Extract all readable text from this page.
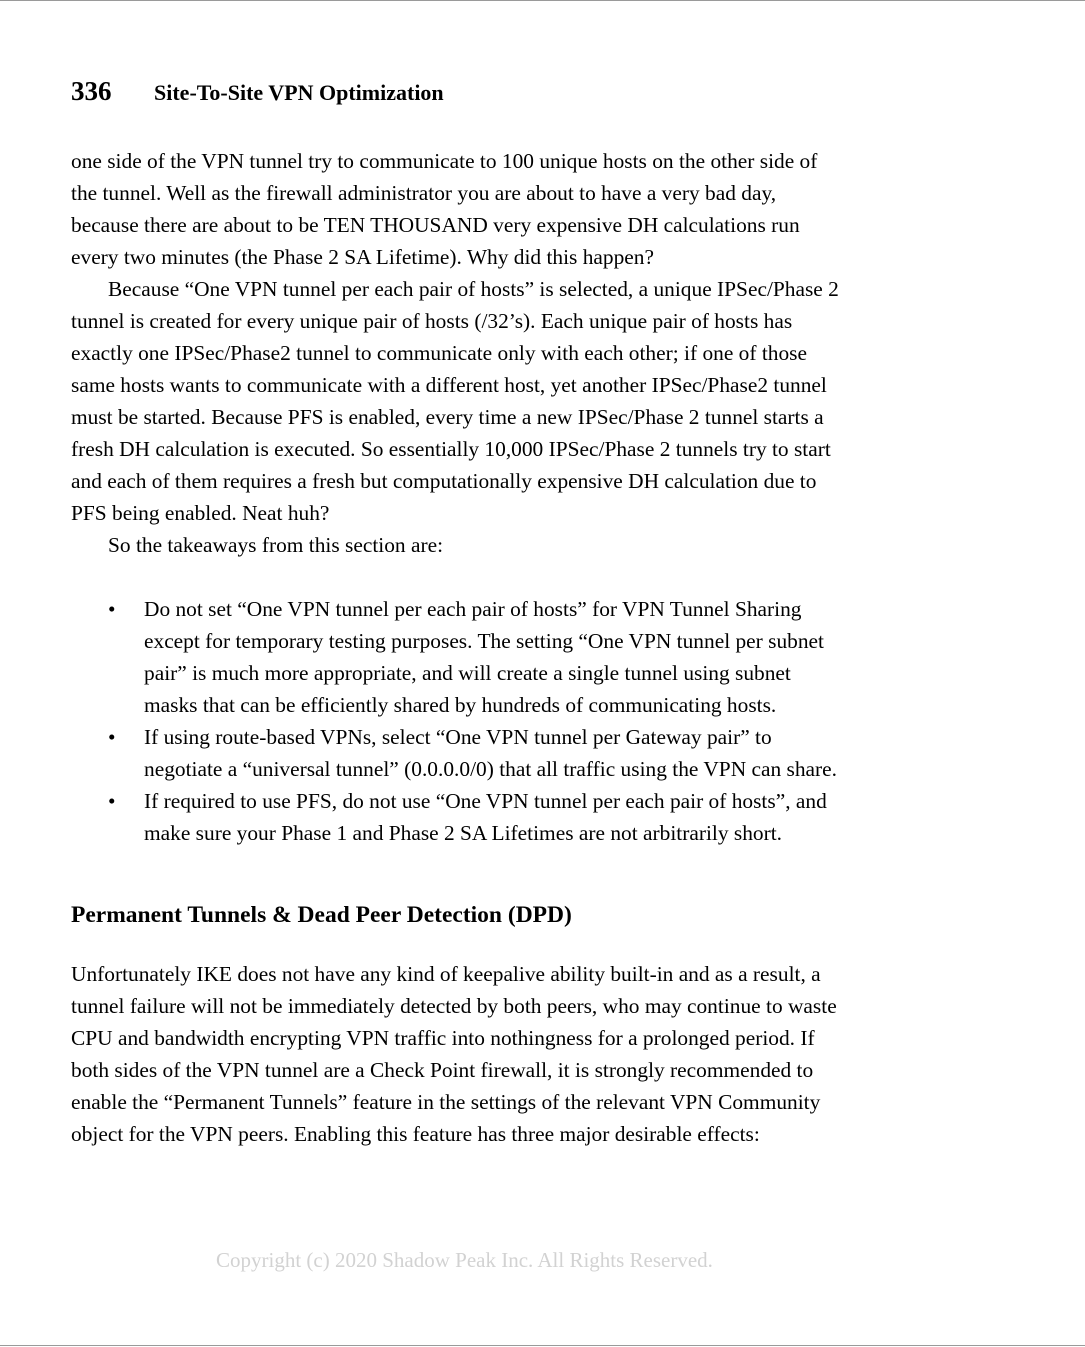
336 Site-To-Site VPN Optimization
one side of the VPN tunnel try to communicate to 100 unique hosts on the other side of
the tunnel. Well as the firewall administrator you are about to have a very bad day,
because there are about to be TEN THOUSAND very expensive DH calculations run
every two minutes (the Phase 2 SA Lifetime). Why did this happen?
Because “One VPN tunnel per each pair of hosts” is selected, a unique IPSec/Phase 2
tunnel is created for every unique pair of hosts (/32’s). Each unique pair of hosts has
exactly one IPSec/Phase2 tunnel to communicate only with each other; if one of those
same hosts wants to communicate with a different host, yet another IPSec/Phase2 tunnel
must be started. Because PFS is enabled, every time a new IPSec/Phase 2 tunnel starts a
fresh DH calculation is executed. So essentially 10,000 IPSec/Phase 2 tunnels try to start
and each of them requires a fresh but computationally expensive DH calculation due to
PFS being enabled. Neat huh?
So the takeaways from this section are:
• Do not set “One VPN tunnel per each pair of hosts” for VPN Tunnel Sharing
except for temporary testing purposes. The setting “One VPN tunnel per subnet
pair” is much more appropriate, and will create a single tunnel using subnet
masks that can be efficiently shared by hundreds of communicating hosts.
• If using route-based VPNs, select “One VPN tunnel per Gateway pair” to
negotiate a “universal tunnel” (0.0.0.0/0) that all traffic using the VPN can share.
• If required to use PFS, do not use “One VPN tunnel per each pair of hosts”, and
make sure your Phase 1 and Phase 2 SA Lifetimes are not arbitrarily short.
Permanent Tunnels & Dead Peer Detection (DPD)
Unfortunately IKE does not have any kind of keepalive ability built-in and as a result, a
tunnel failure will not be immediately detected by both peers, who may continue to waste
CPU and bandwidth encrypting VPN traffic into nothingness for a prolonged period. If
both sides of the VPN tunnel are a Check Point firewall, it is strongly recommended to
enable the “Permanent Tunnels” feature in the settings of the relevant VPN Community
object for the VPN peers. Enabling this feature has three major desirable effects:
Copyright (c) 2020 Shadow Peak Inc. All Rights Reserved.
